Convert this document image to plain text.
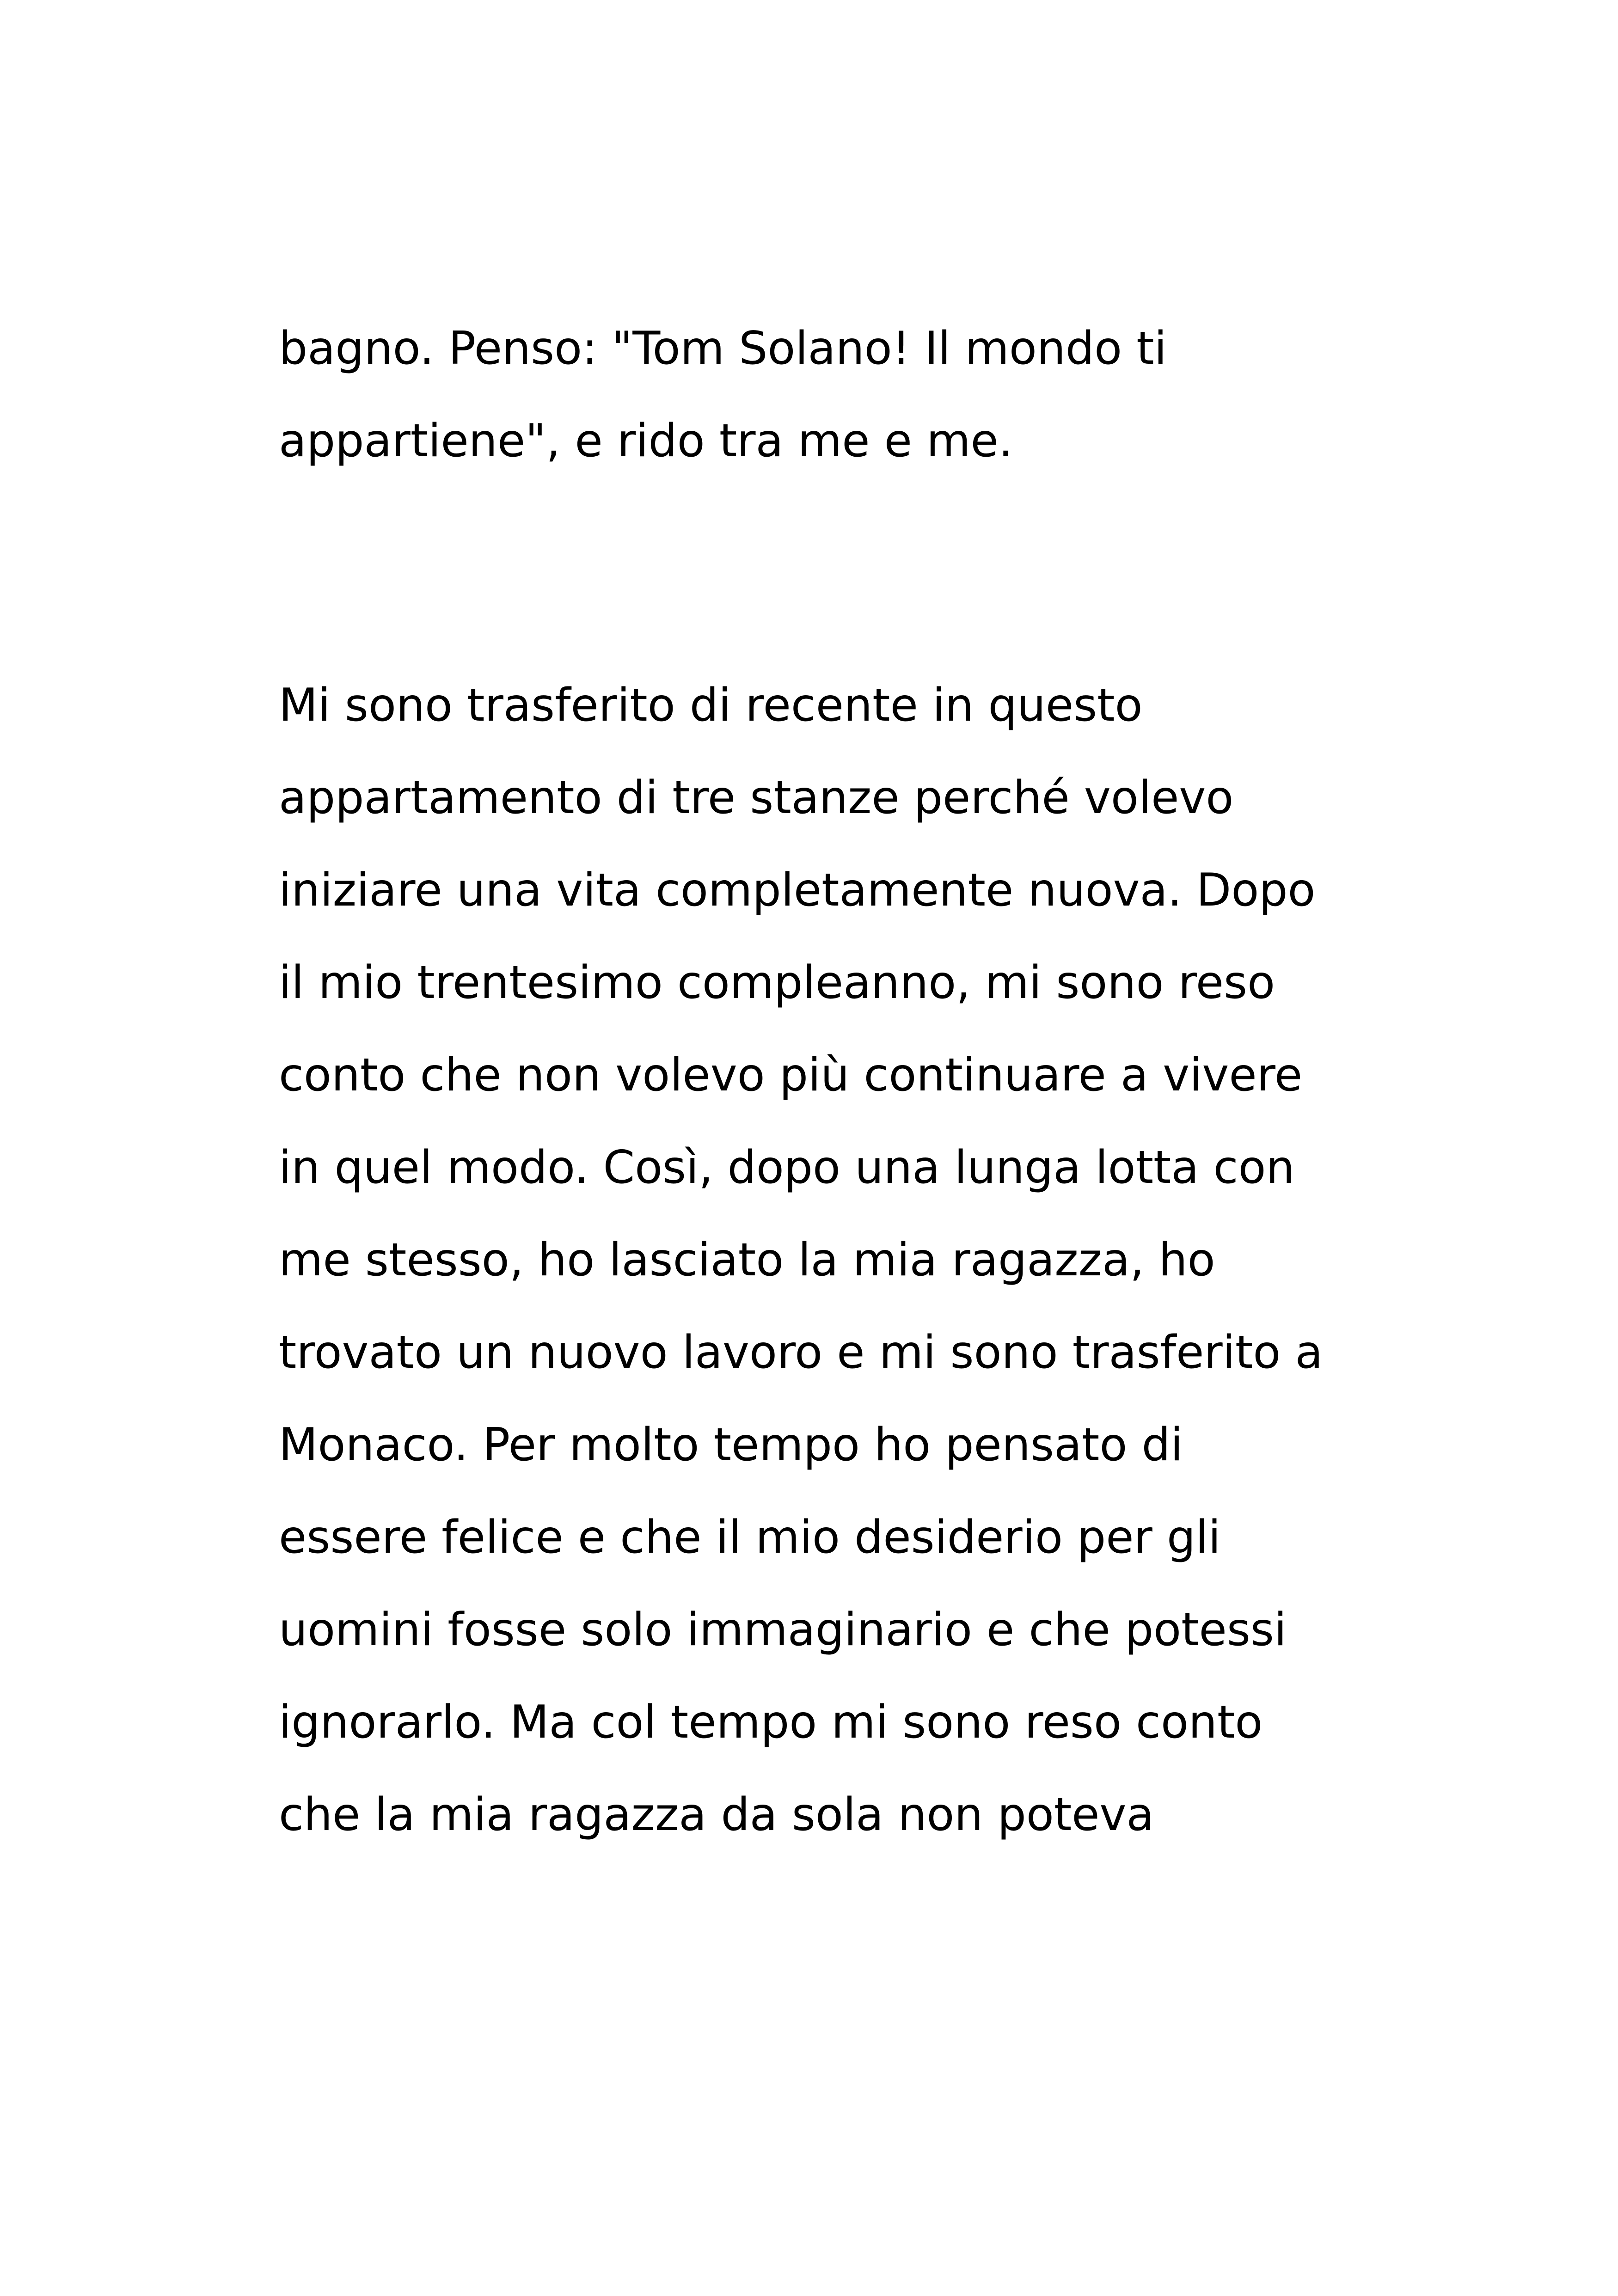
bagno. Penso: "Tom Solano! Il mondo ti
appartiene", e rido tra me e me.
Mi sono trasferito di recente in questo
appartamento di tre stanze perché volevo
iniziare una vita completamente nuova. Dopo
il mio trentesimo compleanno, mi sono reso
conto che non volevo più continuare a vivere
in quel modo. Così, dopo una lunga lotta con
me stesso, ho lasciato la mia ragazza, ho
trovato un nuovo lavoro e mi sono trasferito a
Monaco. Per molto tempo ho pensato di
essere felice e che il mio desiderio per gli
uomini fosse solo immaginario e che potessi
ignorarlo. Ma col tempo mi sono reso conto
che la mia ragazza da sola non poteva
